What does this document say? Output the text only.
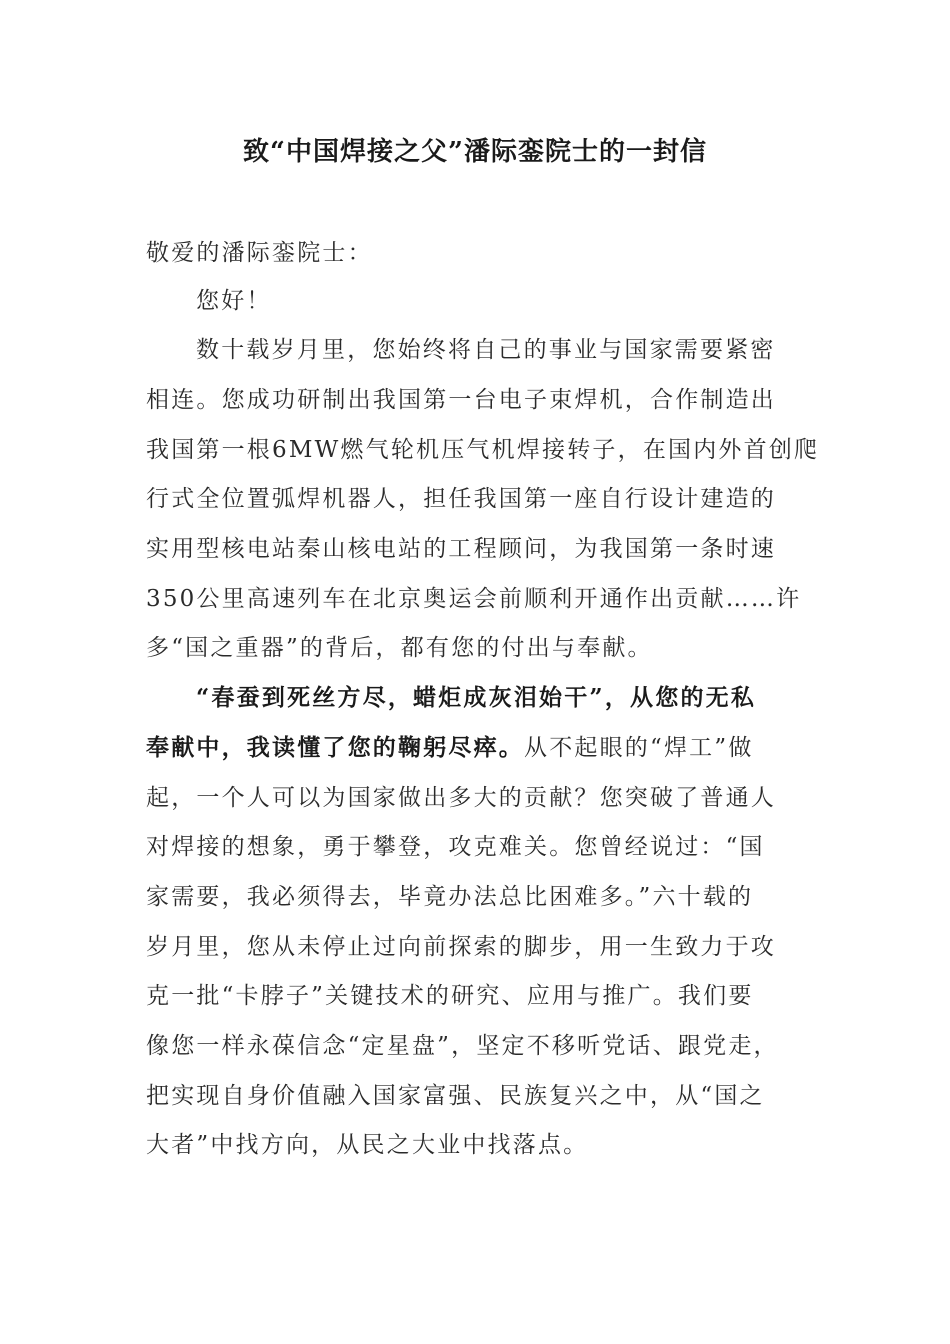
致“中国焊接之父”潘际銮院士的一封信
敬爱的潘际銮院士：
您好！
数十载岁月里，您始终将自己的事业与国家需要紧密
相连。您成功研制出我国第一台电子束焊机，合作制造出
我国第一根6MW燃气轮机压气机焊接转子，在国内外首创爬
行式全位置弧焊机器人，担任我国第一座自行设计建造的
实用型核电站秦山核电站的工程顾问，为我国第一条时速
350公里高速列车在北京奥运会前顺利开通作出贡献……许
多“国之重器”的背后，都有您的付出与奉献。
“春蚕到死丝方尽，蜡炬成灰泪始干”，从您的无私
奉献中，我读懂了您的鞠躬尽瘁。从不起眼的“焊工”做
起，一个人可以为国家做出多大的贡献？您突破了普通人
对焊接的想象，勇于攀登，攻克难关。您曾经说过：“国
家需要，我必须得去，毕竟办法总比困难多。”六十载的
岁月里，您从未停止过向前探索的脚步，用一生致力于攻
克一批“卡脖子”关键技术的研究、应用与推广。我们要
像您一样永葆信念“定星盘”，坚定不移听党话、跟党走，
把实现自身价值融入国家富强、民族复兴之中，从“国之
大者”中找方向，从民之大业中找落点。
